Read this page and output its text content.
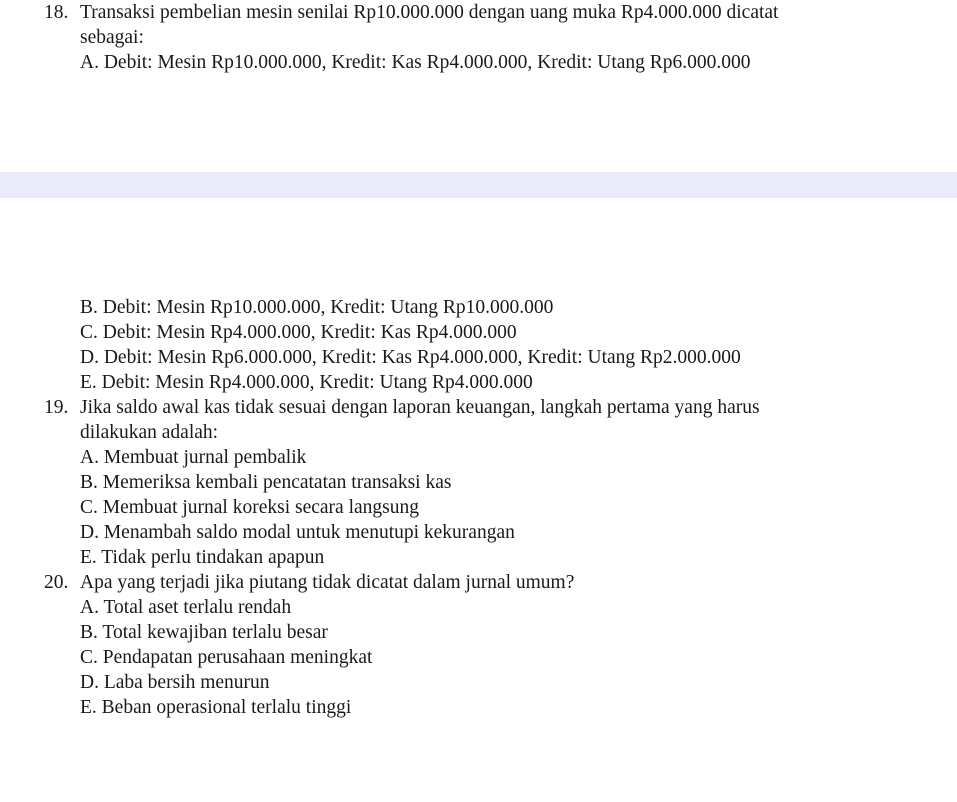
18. Transaksi pembelian mesin senilai Rp10.000.000 dengan uang muka Rp4.000.000 dicatat
sebagai:
A. Debit: Mesin Rp10.000.000, Kredit: Kas Rp4.000.000, Kredit: Utang Rp6.000.000
B. Debit: Mesin Rp10.000.000, Kredit: Utang Rp10.000.000
C. Debit: Mesin Rp4.000.000, Kredit: Kas Rp4.000.000
D. Debit: Mesin Rp6.000.000, Kredit: Kas Rp4.000.000, Kredit: Utang Rp2.000.000
E. Debit: Mesin Rp4.000.000, Kredit: Utang Rp4.000.000
19. Jika saldo awal kas tidak sesuai dengan laporan keuangan, langkah pertama yang harus
dilakukan adalah:
A. Membuat jurnal pembalik
B. Memeriksa kembali pencatatan transaksi kas
C. Membuat jurnal koreksi secara langsung
D. Menambah saldo modal untuk menutupi kekurangan
E. Tidak perlu tindakan apapun
20. Apa yang terjadi jika piutang tidak dicatat dalam jurnal umum?
A. Total aset terlalu rendah
B. Total kewajiban terlalu besar
C. Pendapatan perusahaan meningkat
D. Laba bersih menurun
E. Beban operasional terlalu tinggi
